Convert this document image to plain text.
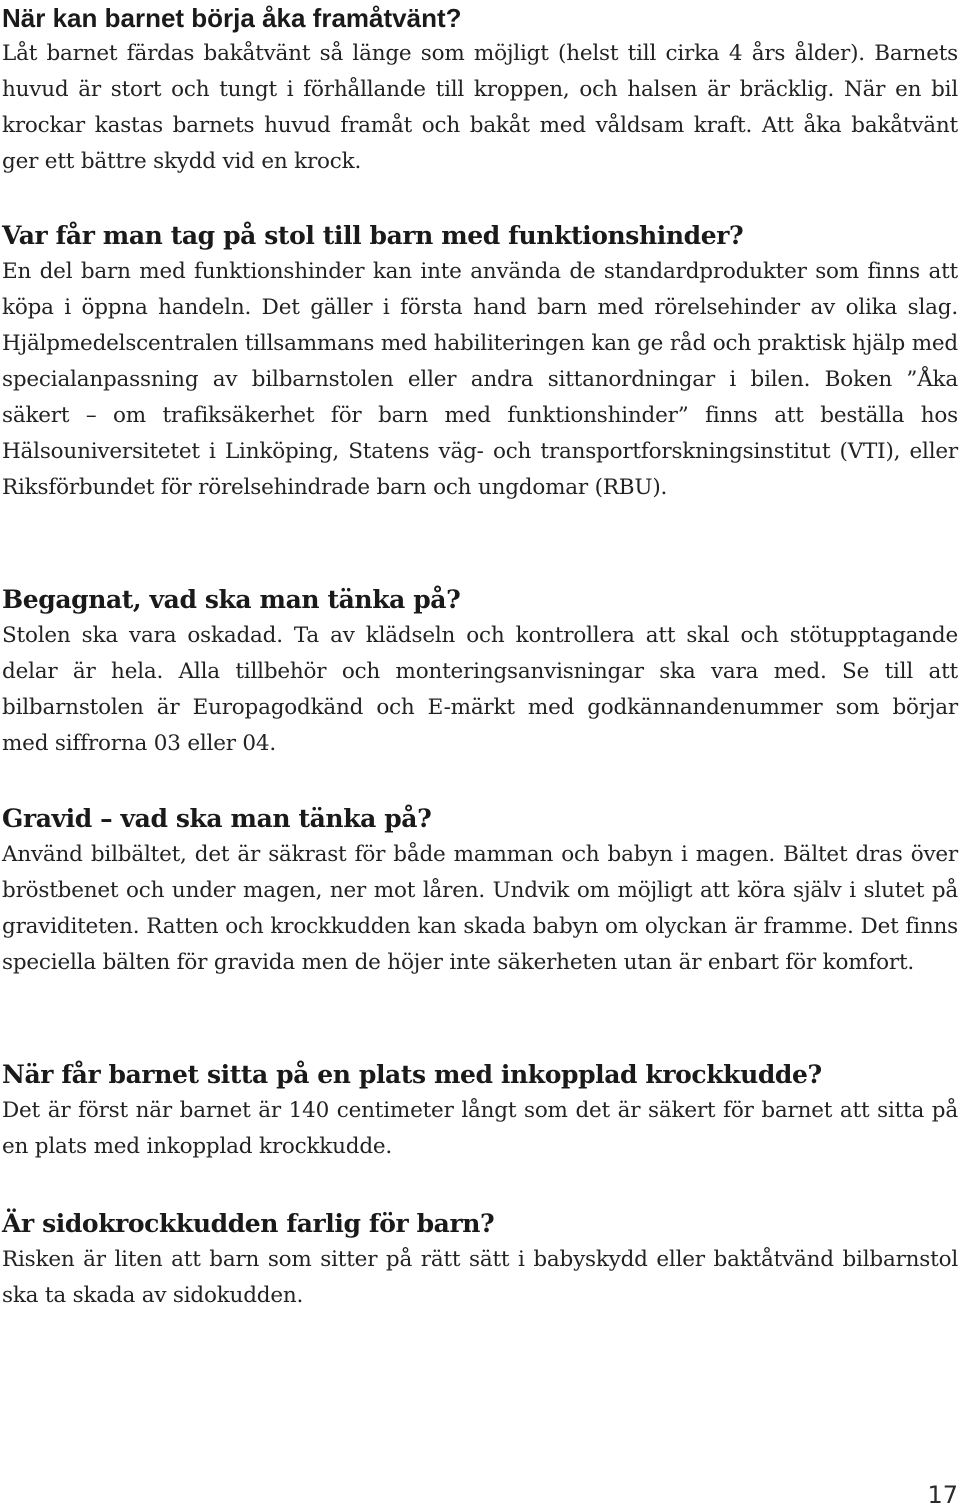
När kan barnet börja åka framåtvänt?

Låt barnet färdas bakåtvänt så länge som möjligt (helst till cirka 4 års ålder). Barnets huvud är stort och tungt i förhållande till kroppen, och halsen är bräcklig. När en bil krockar kastas barnets huvud framåt och bakåt med våldsam kraft. Att åka bakåtvänt ger ett bättre skydd vid en krock.

Var får man tag på stol till barn med funktionshinder?

En del barn med funktionshinder kan inte använda de standardprodukter som finns att köpa i öppna handeln. Det gäller i första hand barn med rörelsehinder av olika slag. Hjälpmedelscentralen tillsammans med habiliteringen kan ge råd och praktisk hjälp med specialanpassning av bilbarnstolen eller andra sittanordningar i bilen. Boken ”Åka säkert – om trafiksäkerhet för barn med funktionshinder” finns att beställa hos Hälsouniversitetet i Linköping, Statens väg- och transportforskningsinstitut (VTI), eller Riksförbundet för rörelsehindrade barn och ungdomar (RBU).

Begagnat, vad ska man tänka på?

Stolen ska vara oskadad. Ta av klädseln och kontrollera att skal och stötupptagande delar är hela. Alla tillbehör och monteringsanvisningar ska vara med. Se till att bilbarnstolen är Europagodkänd och E-märkt med godkännandenummer som börjar med siffrorna 03 eller 04.

Gravid – vad ska man tänka på?

Använd bilbältet, det är säkrast för både mamman och babyn i magen. Bältet dras över bröstbenet och under magen, ner mot låren. Undvik om möjligt att köra själv i slutet på graviditeten. Ratten och krockkudden kan skada babyn om olyckan är framme. Det finns speciella bälten för gravida men de höjer inte säkerheten utan är enbart för komfort.

När får barnet sitta på en plats med inkopplad krockkudde?

Det är först när barnet är 140 centimeter långt som det är säkert för barnet att sitta på en plats med inkopplad krockkudde.

Är sidokrockkudden farlig för barn?

Risken är liten att barn som sitter på rätt sätt i babyskydd eller baktåtvänd bilbarnstol ska ta skada av sidokudden.

17
